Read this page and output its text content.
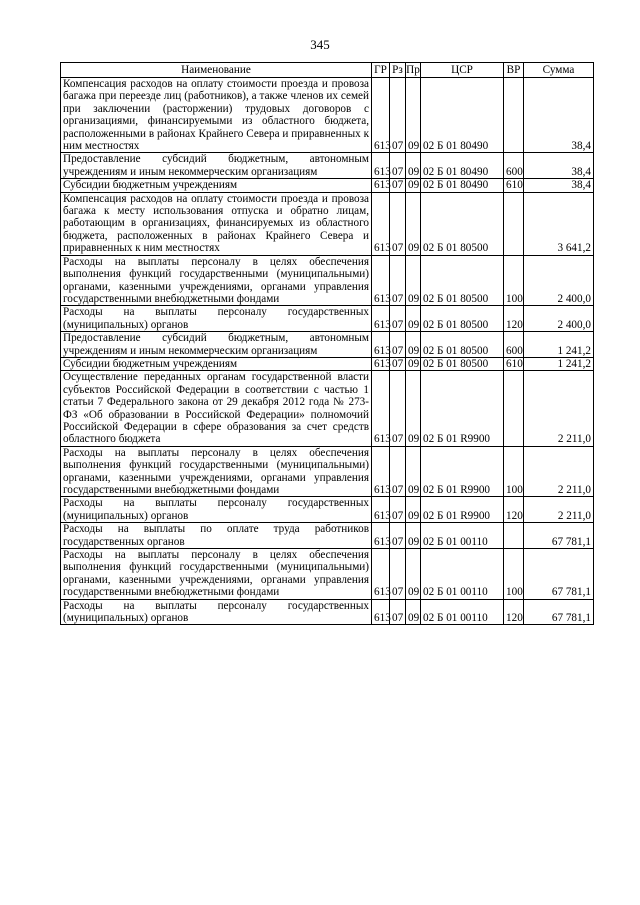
345
Наименование	ГР	Рз	Пр	ЦСР	ВР	Сумма
Компенсация расходов на оплату стоимости проезда и провоза багажа при переезде лиц (работников), а также членов их семей при заключении (расторжении) трудовых договоров с организациями, финансируемыми из областного бюджета, расположенными в районах Крайнего Севера и приравненных к ним местностях	613	07	09	02 Б 01 80490		38,4
Предоставление субсидий бюджетным, автономным учреждениям и иным некоммерческим организациям	613	07	09	02 Б 01 80490	600	38,4
Субсидии бюджетным учреждениям	613	07	09	02 Б 01 80490	610	38,4
Компенсация расходов на оплату стоимости проезда и провоза багажа к месту использования отпуска и обратно лицам, работающим в организациях, финансируемых из областного бюджета, расположенных в районах Крайнего Севера и приравненных к ним местностях	613	07	09	02 Б 01 80500		3 641,2
Расходы на выплаты персоналу в целях обеспечения выполнения функций государственными (муниципальными) органами, казенными учреждениями, органами управления государственными внебюджетными фондами	613	07	09	02 Б 01 80500	100	2 400,0
Расходы на выплаты персоналу государственных (муниципальных) органов	613	07	09	02 Б 01 80500	120	2 400,0
Предоставление субсидий бюджетным, автономным учреждениям и иным некоммерческим организациям	613	07	09	02 Б 01 80500	600	1 241,2
Субсидии бюджетным учреждениям	613	07	09	02 Б 01 80500	610	1 241,2
Осуществление переданных органам государственной власти субъектов Российской Федерации в соответствии с частью 1 статьи 7 Федерального закона от 29 декабря 2012 года № 273-ФЗ «Об образовании в Российской Федерации» полномочий Российской Федерации в сфере образования за счет средств областного бюджета	613	07	09	02 Б 01 R9900		2 211,0
Расходы на выплаты персоналу в целях обеспечения выполнения функций государственными (муниципальными) органами, казенными учреждениями, органами управления государственными внебюджетными фондами	613	07	09	02 Б 01 R9900	100	2 211,0
Расходы на выплаты персоналу государственных (муниципальных) органов	613	07	09	02 Б 01 R9900	120	2 211,0
Расходы на выплаты по оплате труда работников государственных органов	613	07	09	02 Б 01 00110		67 781,1
Расходы на выплаты персоналу в целях обеспечения выполнения функций государственными (муниципальными) органами, казенными учреждениями, органами управления государственными внебюджетными фондами	613	07	09	02 Б 01 00110	100	67 781,1
Расходы на выплаты персоналу государственных (муниципальных) органов	613	07	09	02 Б 01 00110	120	67 781,1
